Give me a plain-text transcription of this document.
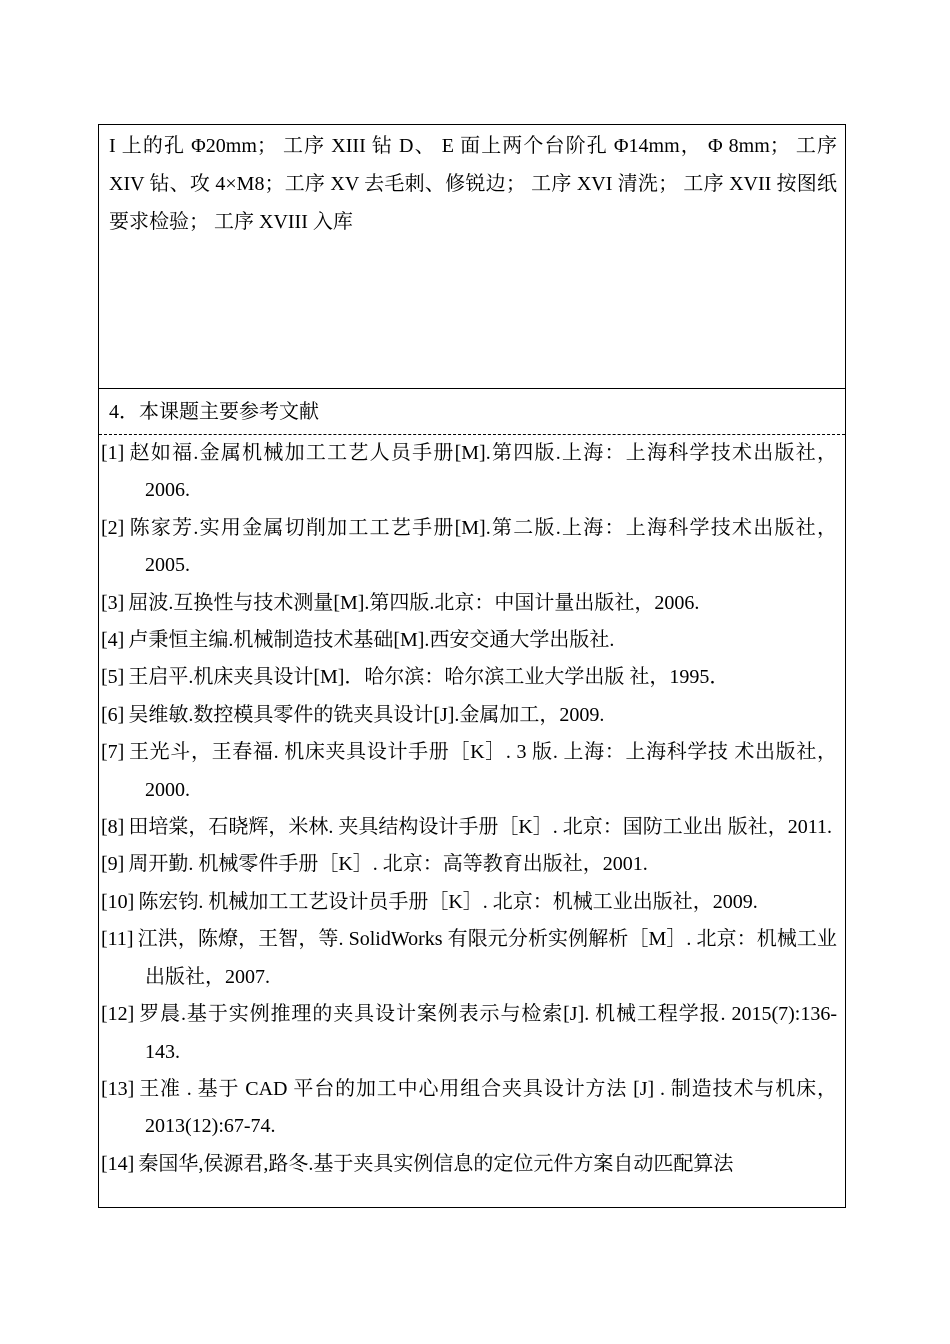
I 上的孔 Φ20mm； 工序 XIII 钻 D、 E 面上两个台阶孔 Φ14mm， Φ 8mm； 工序 XIV 钻、攻 4×M8；工序 XV 去毛刺、修锐边； 工序 XVI 清洗； 工序 XVII 按图纸要求检验； 工序 XVIII 入库

4．本课题主要参考文献
[1] 赵如福.金属机械加工工艺人员手册[M].第四版.上海：上海科学技术出版社，2006.
[2] 陈家芳.实用金属切削加工工艺手册[M].第二版.上海：上海科学技术出版社，2005.
[3] 屈波.互换性与技术测量[M].第四版.北京：中国计量出版社，2006.
[4] 卢秉恒主编.机械制造技术基础[M].西安交通大学出版社.
[5] 王启平.机床夹具设计[M]．哈尔滨：哈尔滨工业大学出版 社，1995．
[6] 吴维敏.数控模具零件的铣夹具设计[J].金属加工，2009.
[7] 王光斗，王春福. 机床夹具设计手册［K］. 3 版. 上海：上海科学技 术出版社，2000.
[8] 田培棠，石晓辉，米林. 夹具结构设计手册［K］. 北京：国防工业出 版社，2011.
[9] 周开勤. 机械零件手册［K］. 北京：高等教育出版社，2001.
[10] 陈宏钧. 机械加工工艺设计员手册［K］. 北京：机械工业出版社，2009.
[11] 江洪，陈燎，王智，等. SolidWorks 有限元分析实例解析［M］. 北京：机械工业出版社，2007.
[12] 罗晨.基于实例推理的夹具设计案例表示与检索[J]. 机械工程学报. 2015(7):136-143.
[13] 王准 . 基于 CAD 平台的加工中心用组合夹具设计方法 [J] . 制造技术与机床，2013(12):67-74.
[14] 秦国华,侯源君,路冬.基于夹具实例信息的定位元件方案自动匹配算法
